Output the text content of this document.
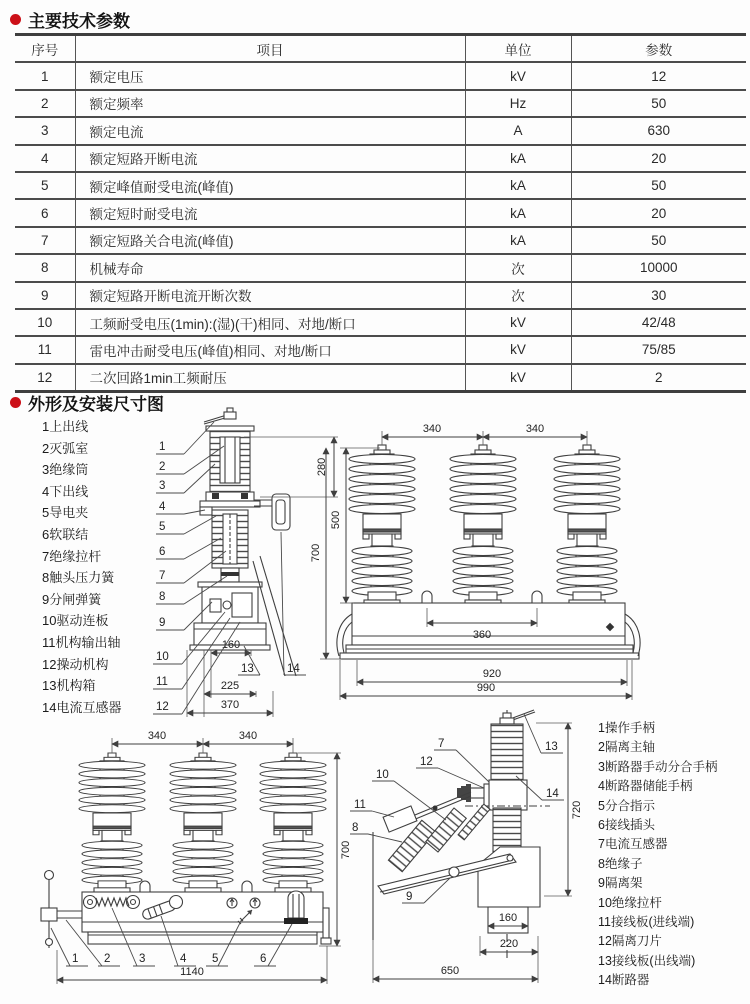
主要技术参数
序号	项目	单位	参数
1	额定电压	kV	12
2	额定频率	Hz	50
3	额定电流	A	630
4	额定短路开断电流	kA	20
5	额定峰值耐受电流(峰值)	kA	50
6	额定短时耐受电流	kA	20
7	额定短路关合电流(峰值)	kA	50
8	机械寿命	次	10000
9	额定短路开断电流开断次数	次	30
10	工频耐受电压(1min):(湿)(干)相同、对地/断口	kV	42/48
11	雷电冲击耐受电压(峰值)相同、对地/断口	kV	75/85
12	二次回路1min工频耐压	kV	2
外形及安装尺寸图
1上出线
2灭弧室
3绝缘筒
4下出线
5导电夹
6软联结
7绝缘拉杆
8触头压力簧
9分闸弹簧
10驱动连板
11机构输出轴
12操动机构
13机构箱
14电流互感器
1操作手柄
2隔离主轴
3断路器手动分合手柄
4断路器储能手柄
5分合指示
6接线插头
7电流互感器
8绝缘子
9隔离架
10绝缘拉杆
11接线板(进线端)
12隔离刀片
13接线板(出线端)
14断路器
280
160
13
225
370
14
1
2
3
4
5
6
7
8
9
10
11
12
340	340
500
700
360
920
990
1 2 3	4 5	6
1140
340	340
700
160
220
650
720
7
12
10
11
8
9
13
14
